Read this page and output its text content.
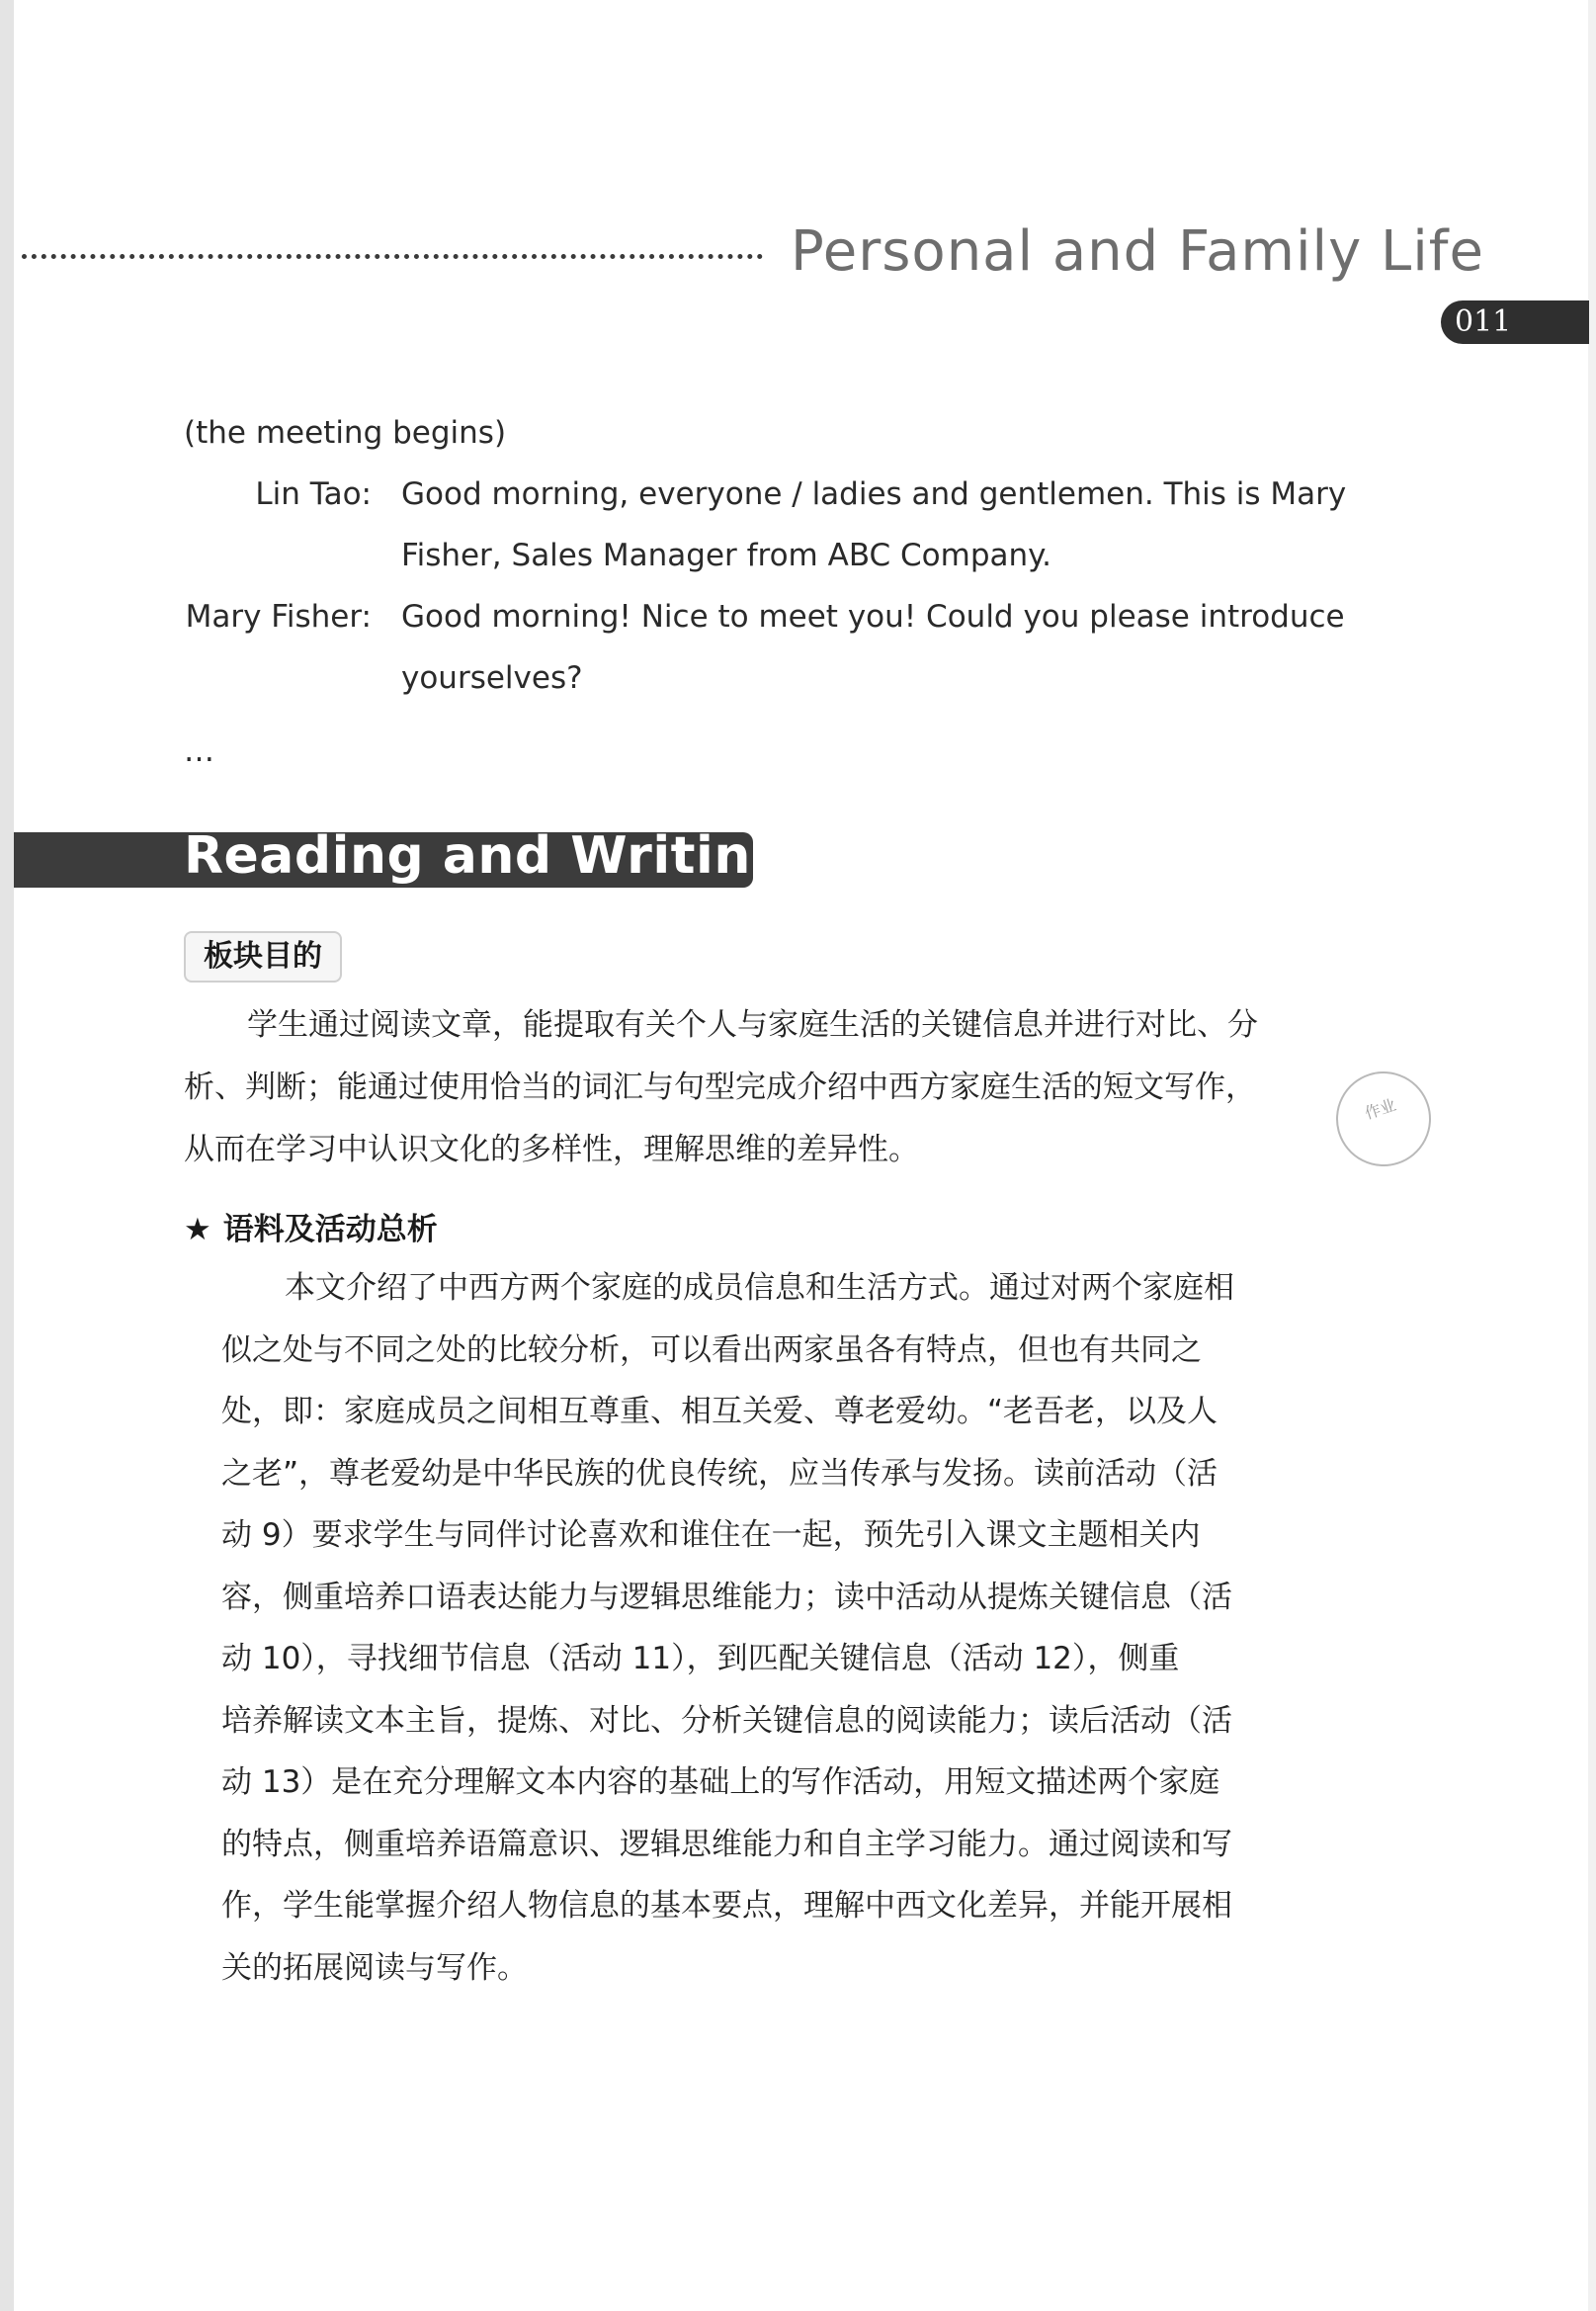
Personal and Family Life
011
(the meeting begins)
Lin Tao: Good morning, everyone / ladies and gentlemen. This is Mary
Fisher, Sales Manager from ABC Company.
Mary Fisher: Good morning! Nice to meet you! Could you please introduce
yourselves?
…
Reading and Writing
板块目的
学生通过阅读文章，能提取有关个人与家庭生活的关键信息并进行对比、分
析、判断；能通过使用恰当的词汇与句型完成介绍中西方家庭生活的短文写作，
从而在学习中认识文化的多样性，理解思维的差异性。
作业
★ 语料及活动总析
本文介绍了中西方两个家庭的成员信息和生活方式。通过对两个家庭相
似之处与不同之处的比较分析，可以看出两家虽各有特点，但也有共同之
处，即：家庭成员之间相互尊重、相互关爱、尊老爱幼。“老吾老，以及人
之老”，尊老爱幼是中华民族的优良传统，应当传承与发扬。读前活动（活
动 9）要求学生与同伴讨论喜欢和谁住在一起，预先引入课文主题相关内
容，侧重培养口语表达能力与逻辑思维能力；读中活动从提炼关键信息（活
动 10），寻找细节信息（活动 11），到匹配关键信息（活动 12），侧重
培养解读文本主旨，提炼、对比、分析关键信息的阅读能力；读后活动（活
动 13）是在充分理解文本内容的基础上的写作活动，用短文描述两个家庭
的特点，侧重培养语篇意识、逻辑思维能力和自主学习能力。通过阅读和写
作，学生能掌握介绍人物信息的基本要点，理解中西文化差异，并能开展相
关的拓展阅读与写作。
